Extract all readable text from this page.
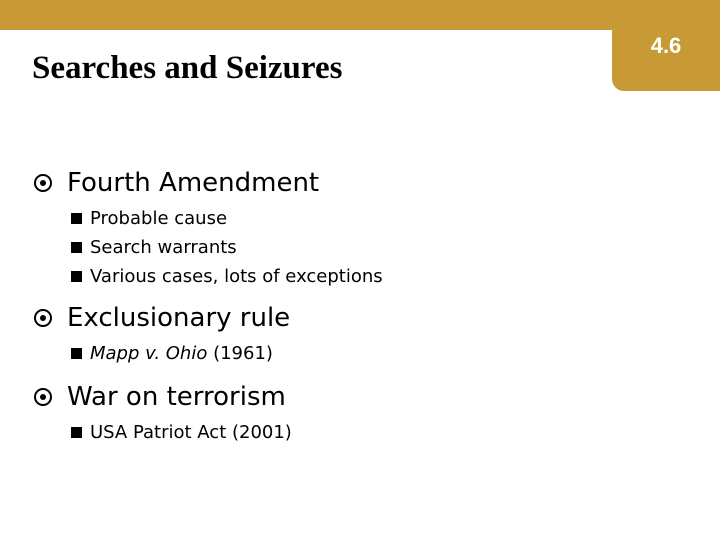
4.6
Searches and Seizures
Fourth Amendment
Probable cause
Search warrants
Various cases, lots of exceptions
Exclusionary rule
Mapp v. Ohio (1961)
War on terrorism
USA Patriot Act (2001)
